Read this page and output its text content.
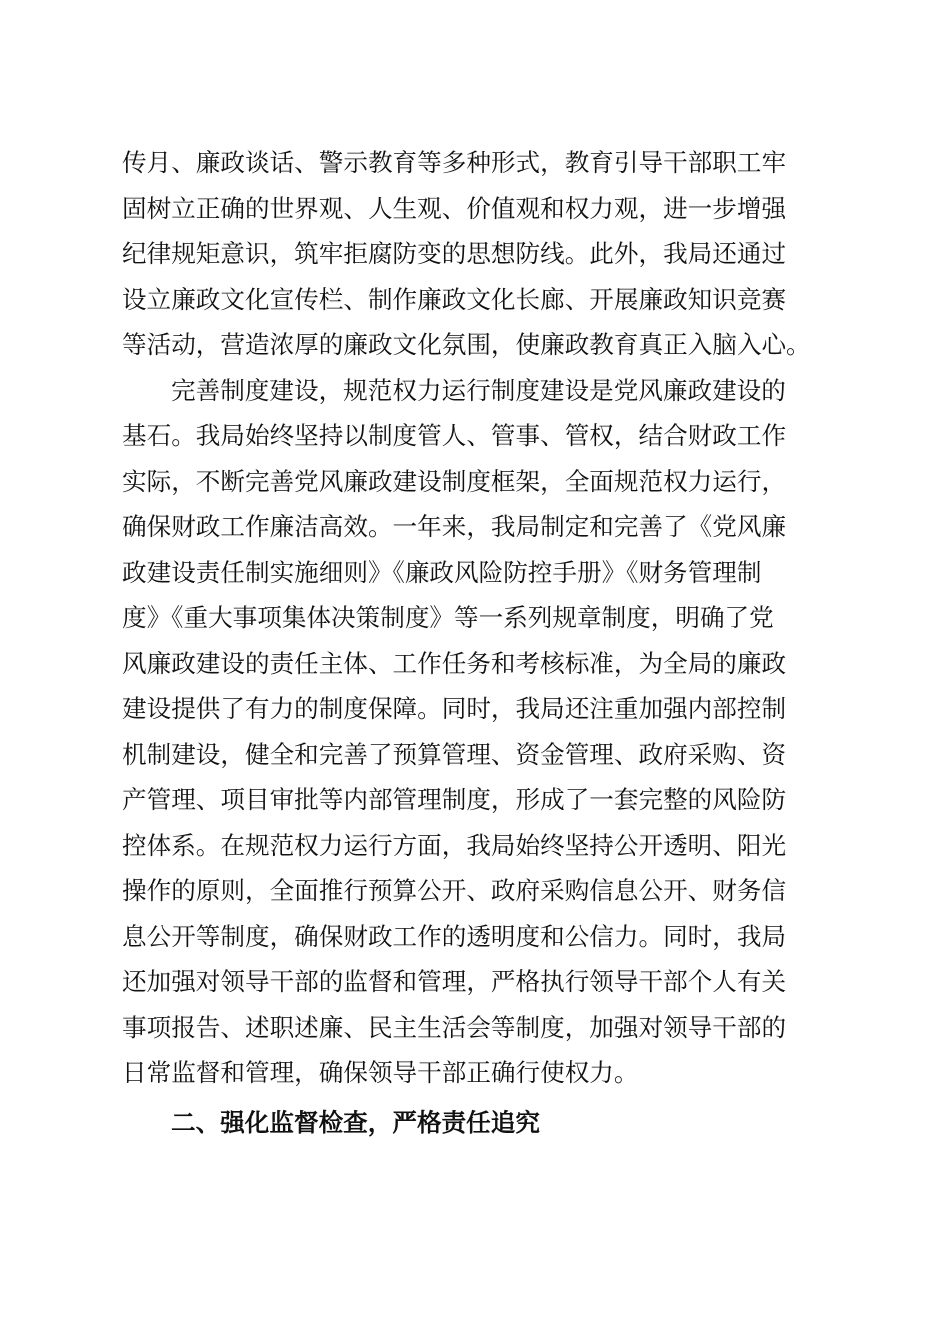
传月、廉政谈话、警示教育等多种形式，教育引导干部职工牢
固树立正确的世界观、人生观、价值观和权力观，进一步增强
纪律规矩意识，筑牢拒腐防变的思想防线。此外，我局还通过
设立廉政文化宣传栏、制作廉政文化长廊、开展廉政知识竞赛
等活动，营造浓厚的廉政文化氛围，使廉政教育真正入脑入心。
完善制度建设，规范权力运行制度建设是党风廉政建设的
基石。我局始终坚持以制度管人、管事、管权，结合财政工作
实际，不断完善党风廉政建设制度框架，全面规范权力运行，
确保财政工作廉洁高效。一年来，我局制定和完善了《党风廉
政建设责任制实施细则》《廉政风险防控手册》《财务管理制
度》《重大事项集体决策制度》等一系列规章制度，明确了党
风廉政建设的责任主体、工作任务和考核标准，为全局的廉政
建设提供了有力的制度保障。同时，我局还注重加强内部控制
机制建设，健全和完善了预算管理、资金管理、政府采购、资
产管理、项目审批等内部管理制度，形成了一套完整的风险防
控体系。在规范权力运行方面，我局始终坚持公开透明、阳光
操作的原则，全面推行预算公开、政府采购信息公开、财务信
息公开等制度，确保财政工作的透明度和公信力。同时，我局
还加强对领导干部的监督和管理，严格执行领导干部个人有关
事项报告、述职述廉、民主生活会等制度，加强对领导干部的
日常监督和管理，确保领导干部正确行使权力。
二、强化监督检查，严格责任追究
